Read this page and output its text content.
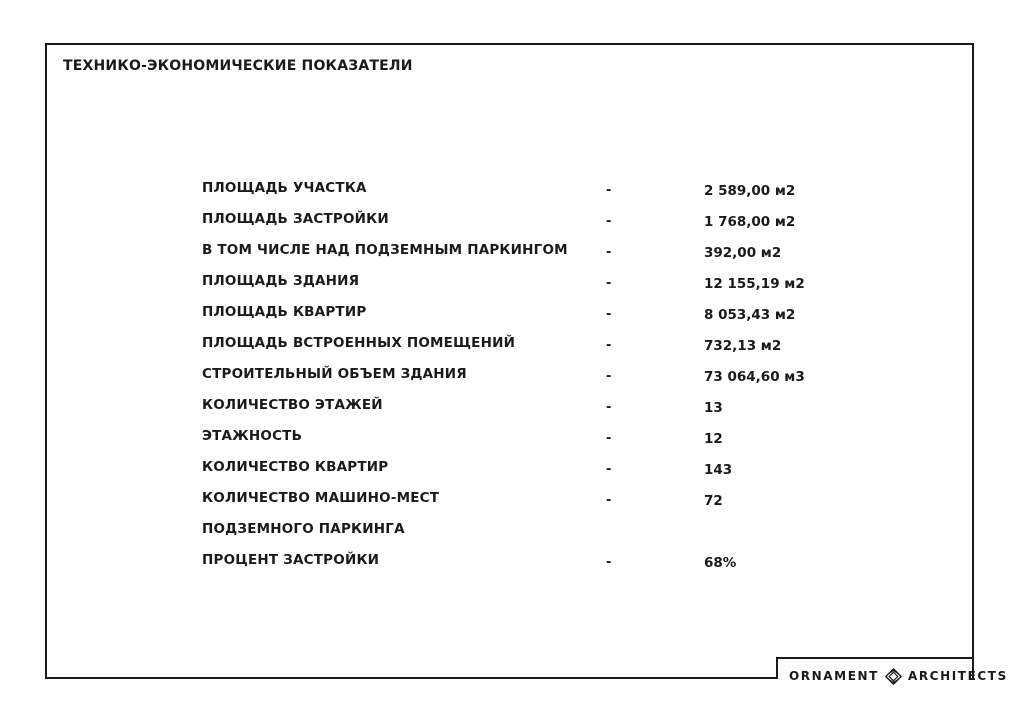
ТЕХНИКО-ЭКОНОМИЧЕСКИЕ ПОКАЗАТЕЛИ
ПЛОЩАДЬ УЧАСТКА	-	2 589,00 м2
ПЛОЩАДЬ ЗАСТРОЙКИ	-	1 768,00 м2
В ТОМ ЧИСЛЕ НАД ПОДЗЕМНЫМ ПАРКИНГОМ	-	392,00 м2
ПЛОЩАДЬ ЗДАНИЯ	-	12 155,19 м2
ПЛОЩАДЬ КВАРТИР	-	8 053,43 м2
ПЛОЩАДЬ ВСТРОЕННЫХ ПОМЕЩЕНИЙ	-	732,13 м2
СТРОИТЕЛЬНЫЙ ОБЪЕМ ЗДАНИЯ	-	73 064,60 м3
КОЛИЧЕСТВО ЭТАЖЕЙ	-	13
ЭТАЖНОСТЬ	-	12
КОЛИЧЕСТВО КВАРТИР	-	143
КОЛИЧЕСТВО МАШИНО-МЕСТ	-	72
ПОДЗЕМНОГО ПАРКИНГА
ПРОЦЕНТ ЗАСТРОЙКИ	-	68%
ORNAMENT ARCHITECTS
